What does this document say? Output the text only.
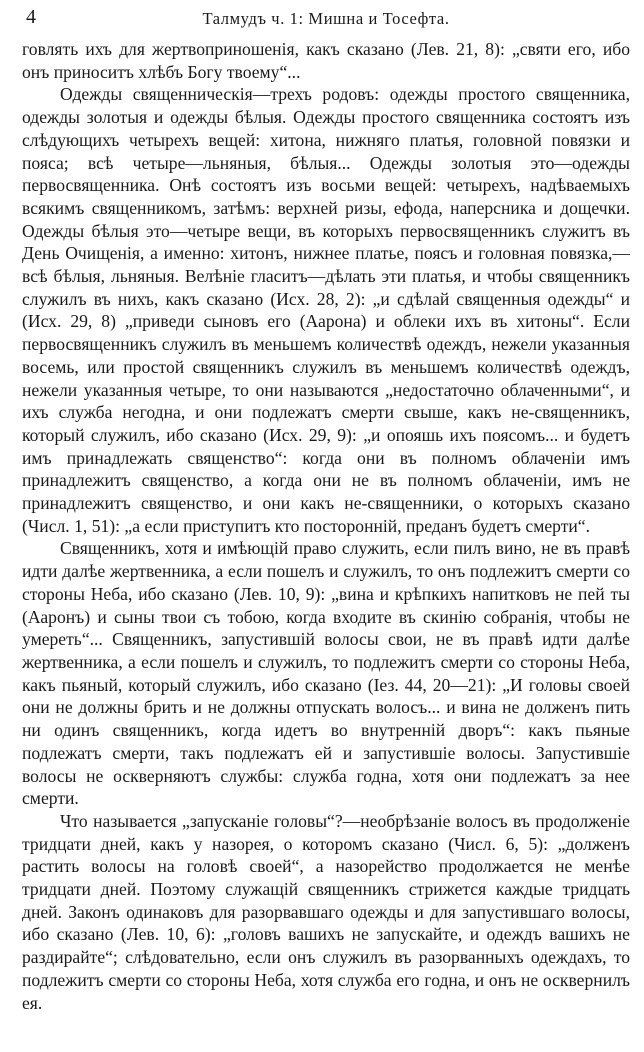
4	Талмудъ ч. 1: Мишна и Тосефта.

говлять ихъ для жертвоприношенія, какъ сказано (Лев. 21, 8): „святи его, ибо онъ приноситъ хлѣбъ Богу твоему“...

Одежды священническія—трехъ родовъ: одежды простого священника, одежды золотыя и одежды бѣлыя. Одежды простого священника состоятъ изъ слѣдующихъ четырехъ вещей: хитона, нижняго платья, головной повязки и пояса; всѣ четыре—льняныя, бѣлыя... Одежды золотыя это—одежды первосвященника. Онѣ состоятъ изъ восьми вещей: четырехъ, надѣваемыхъ всякимъ священникомъ, затѣмъ: верхней ризы, ефода, наперсника и дощечки. Одежды бѣлыя это—четыре вещи, въ которыхъ первосвященникъ служитъ въ День Очищенія, а именно: хитонъ, нижнее платье, поясъ и головная повязка,—всѣ бѣлыя, льняныя. Велѣніе гласитъ—дѣлать эти платья, и чтобы священникъ служилъ въ нихъ, какъ сказано (Исх. 28, 2): „и сдѣлай священныя одежды“ и (Исх. 29, 8) „приведи сыновъ его (Аарона) и облеки ихъ въ хитоны“. Если первосвященникъ служилъ въ меньшемъ количествѣ одеждъ, нежели указанныя восемь, или простой священникъ служилъ въ меньшемъ количествѣ одеждъ, нежели указанныя четыре, то они называются „недостаточно облаченными“, и ихъ служба негодна, и они подлежатъ смерти свыше, какъ не-священникъ, который служилъ, ибо сказано (Исх. 29, 9): „и опояшь ихъ поясомъ... и будетъ имъ принадлежать священство“: когда они въ полномъ облаченіи имъ принадлежитъ священство, а когда они не въ полномъ облаченіи, имъ не принадлежитъ священство, и они какъ не-священники, о которыхъ сказано (Числ. 1, 51): „а если приступитъ кто посторонній, преданъ будетъ смерти“.

Священникъ, хотя и имѣющій право служить, если пилъ вино, не въ правѣ идти далѣе жертвенника, а если пошелъ и служилъ, то онъ подлежитъ смерти со стороны Неба, ибо сказано (Лев. 10, 9): „вина и крѣпкихъ напитковъ не пей ты (Ааронъ) и сыны твои съ тобою, когда входите въ скинію собранія, чтобы не умереть“... Священникъ, запустившій волосы свои, не въ правѣ идти далѣе жертвенника, а если пошелъ и служилъ, то подлежитъ смерти со стороны Неба, какъ пьяный, который служилъ, ибо сказано (Іез. 44, 20—21): „И головы своей они не должны брить и не должны отпускать волосъ... и вина не долженъ пить ни одинъ священникъ, когда идетъ во внутренній дворъ“: какъ пьяные подлежатъ смерти, такъ подлежатъ ей и запустившіе волосы. Запустившіе волосы не оскверняютъ службы: служба годна, хотя они подлежатъ за нее смерти.

Что называется „запусканіе головы“?—необрѣзаніе волосъ въ продолженіе тридцати дней, какъ у назорея, о которомъ сказано (Числ. 6, 5): „долженъ растить волосы на головѣ своей“, а назорейство продолжается не менѣе тридцати дней. Поэтому служащій священникъ стрижется каждые тридцать дней. Законъ одинаковъ для разорвавшаго одежды и для запустившаго волосы, ибо сказано (Лев. 10, 6): „головъ вашихъ не запускайте, и одеждъ вашихъ не раздирайте“; слѣдовательно, если онъ служилъ въ разорванныхъ одеждахъ, то подлежитъ смерти со стороны Неба, хотя служба его годна, и онъ не осквернилъ ея.
